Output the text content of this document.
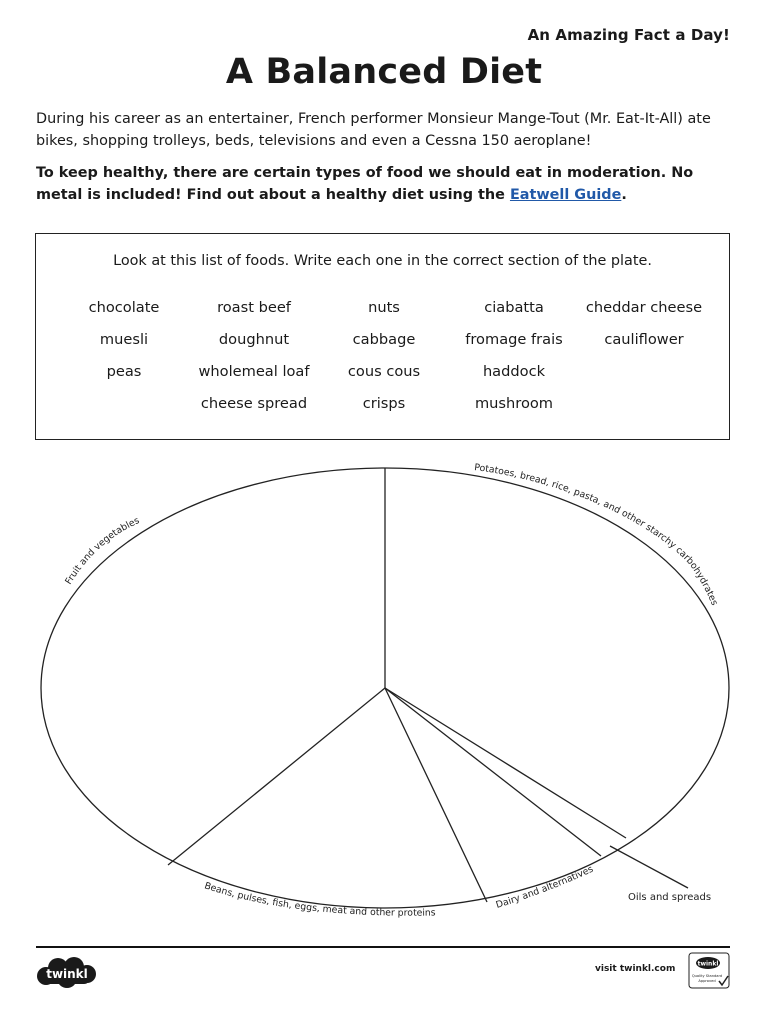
An Amazing Fact a Day!
A Balanced Diet

During his career as an entertainer, French performer Monsieur Mange-Tout (Mr. Eat-It-All) ate bikes, shopping trolleys, beds, televisions and even a Cessna 150 aeroplane!

To keep healthy, there are certain types of food we should eat in moderation. No metal is included! Find out about a healthy diet using the Eatwell Guide.

Look at this list of foods. Write each one in the correct section of the plate.

chocolate
muesli
peas
roast beef
doughnut
wholemeal loaf
cheese spread
nuts
cabbage
cous cous
crisps
ciabatta
fromage frais
haddock
mushroom
cheddar cheese
cauliflower
Fruit and vegetables
Potatoes, bread, rice, pasta, and other starchy carbohydrates
Beans, pulses, fish, eggs, meat and other proteins
Dairy and alternatives
Oils and spreads
twinkl	visit twinkl.com	twinkl
Quality Standard
Approved
